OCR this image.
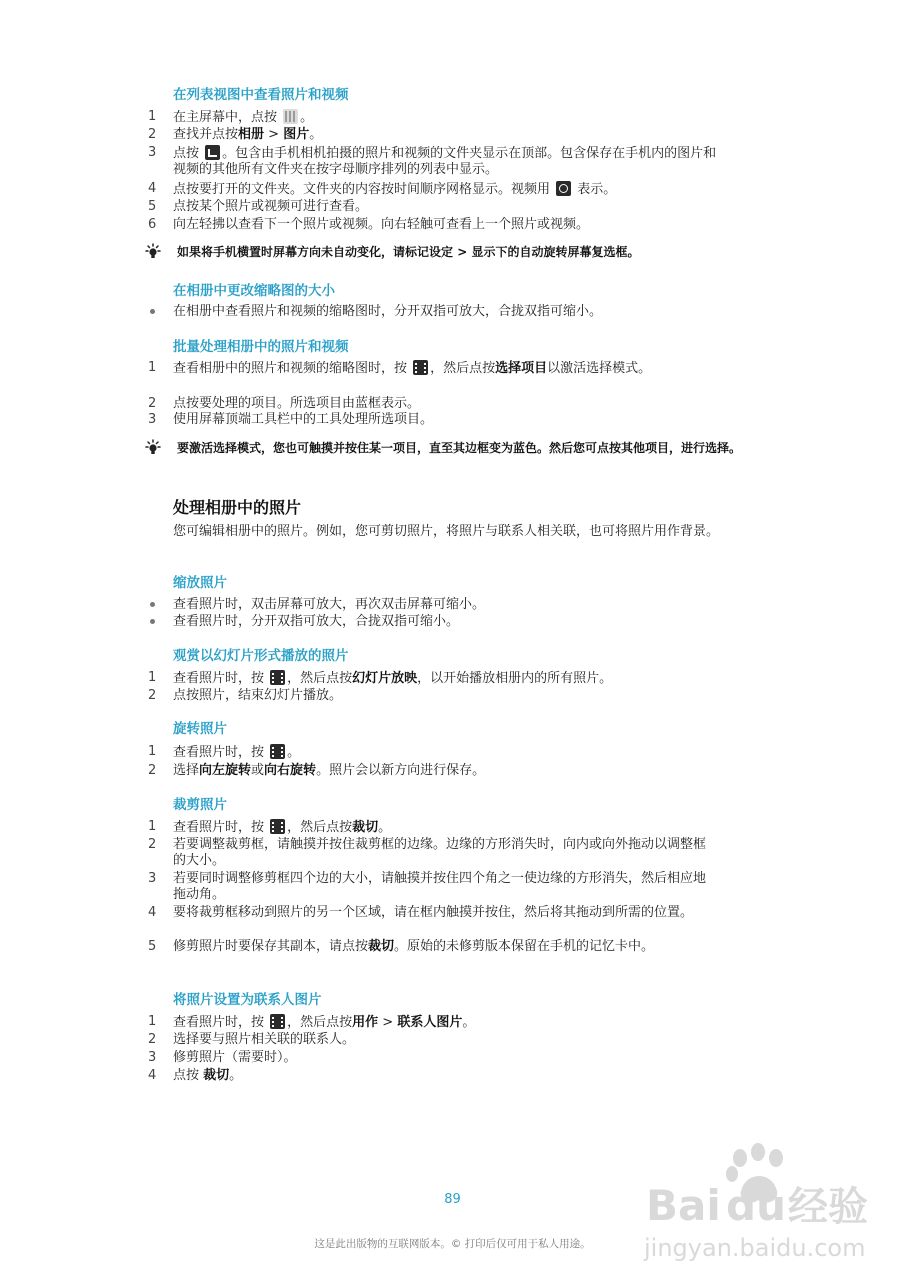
在列表视图中查看照片和视频
1	在主屏幕中，点按 。
2	查找并点按相册 > 图片。
3	点按 。包含由手机相机拍摄的照片和视频的文件夹显示在顶部。包含保存在手机内的图片和视频的其他所有文件夹在按字母顺序排列的列表中显示。
4	点按要打开的文件夹。文件夹的内容按时间顺序网格显示。视频用  表示。
5	点按某个照片或视频可进行查看。
6	向左轻拂以查看下一个照片或视频。向右轻触可查看上一个照片或视频。
如果将手机横置时屏幕方向未自动变化，请标记设定 > 显示下的自动旋转屏幕复选框。
在相册中更改缩略图的大小
在相册中查看照片和视频的缩略图时，分开双指可放大，合拢双指可缩小。
批量处理相册中的照片和视频
1	查看相册中的照片和视频的缩略图时，按 ，然后点按选择项目以激活选择模式。
2	点按要处理的项目。所选项目由蓝框表示。
3	使用屏幕顶端工具栏中的工具处理所选项目。
要激活选择模式，您也可触摸并按住某一项目，直至其边框变为蓝色。然后您可点按其他项目，进行选择。
处理相册中的照片
您可编辑相册中的照片。例如，您可剪切照片，将照片与联系人相关联，也可将照片用作背景。
缩放照片
查看照片时，双击屏幕可放大，再次双击屏幕可缩小。
查看照片时，分开双指可放大，合拢双指可缩小。
观赏以幻灯片形式播放的照片
1	查看照片时，按 ，然后点按幻灯片放映，以开始播放相册内的所有照片。
2	点按照片，结束幻灯片播放。
旋转照片
1	查看照片时，按 。
2	选择向左旋转或向右旋转。照片会以新方向进行保存。
裁剪照片
1	查看照片时，按 ，然后点按裁切。
2	若要调整裁剪框，请触摸并按住裁剪框的边缘。边缘的方形消失时，向内或向外拖动以调整框的大小。
3	若要同时调整修剪框四个边的大小，请触摸并按住四个角之一使边缘的方形消失，然后相应地拖动角。
4	要将裁剪框移动到照片的另一个区域，请在框内触摸并按住，然后将其拖动到所需的位置。
5	修剪照片时要保存其副本，请点按裁切。原始的未修剪版本保留在手机的记忆卡中。
将照片设置为联系人图片
1	查看照片时，按 ，然后点按用作 > 联系人图片。
2	选择要与照片相关联的联系人。
3	修剪照片（需要时）。
4	点按 裁切。
89
这是此出版物的互联网版本。© 打印后仅可用于私人用途。
Bai du 经验
jingyan.baidu.com
